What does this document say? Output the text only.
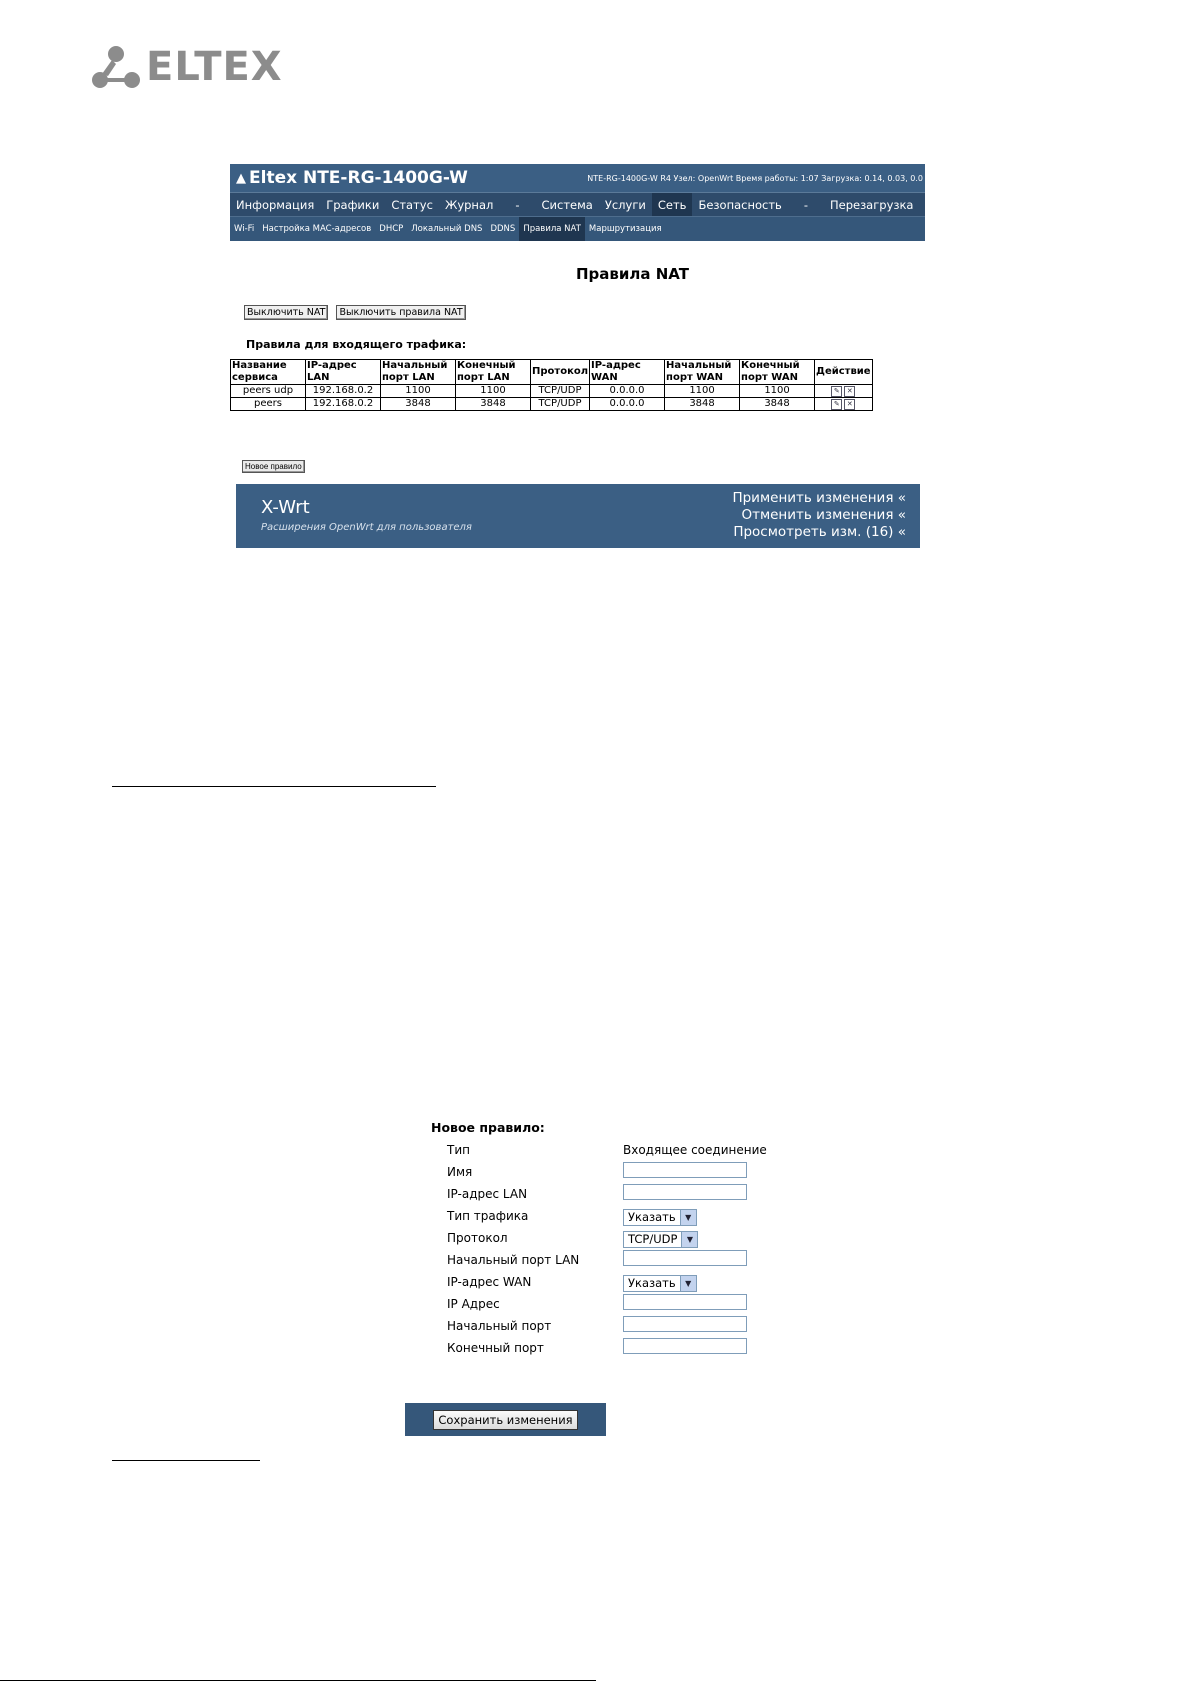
ELTEX
▲ Eltex NTE-RG-1400G-W	NTE-RG-1400G-W R4 Узел: OpenWrt Время работы: 1:07 Загрузка: 0.14, 0.03, 0.0
Информация	Графики	Статус	Журнал	-	Система	Услуги	Сеть	Безопасность	-	Перезагрузка
Wi-Fi Настройка MAC-адресов DHCP Локальный DNS DDNS Правила NAT Маршрутизация
Правила NAT
Выключить NAT	Выключить правила NAT
Правила для входящего трафика:
Название сервиса	IP-адрес LAN	Начальный порт LAN	Конечный порт LAN	Протокол	IP-адрес WAN	Начальный порт WAN	Конечный порт WAN	Действие
peers udp	192.168.0.2	1100	1100	TCP/UDP	0.0.0.0	1100	1100	✎ ✕
peers	192.168.0.2	3848	3848	TCP/UDP	0.0.0.0	3848	3848	✎ ✕
Новое правило
X-Wrt
Расширения OpenWrt для пользователя
Применить изменения «
Отменить изменения «
Просмотреть изм. (16) «
Новое правило:
Тип	Входящее соединение
Имя
IP-адрес LAN
Тип трафика	Указать	▼
Протокол	TCP/UDP	▼
Начальный порт LAN
IP-адрес WAN	Указать	▼
IP Адрес
Начальный порт
Конечный порт
Сохранить изменения
